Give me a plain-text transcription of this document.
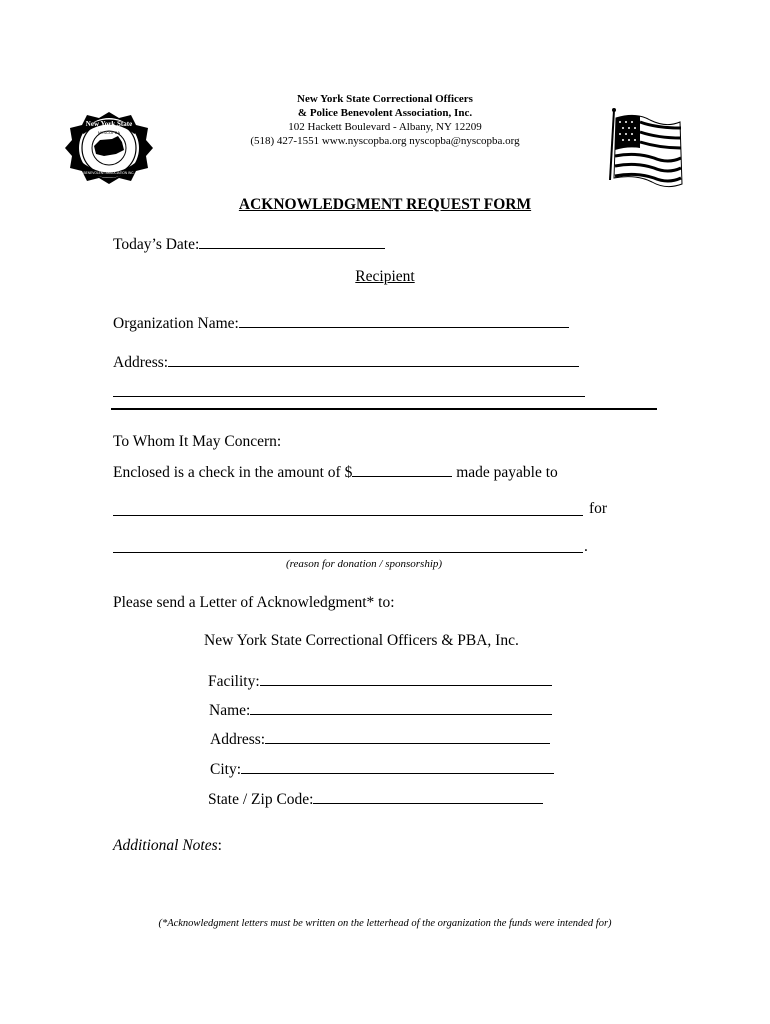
New York State
NYSCOPBA
BENEVOLENT ASSOCIATION INC.
New York State Correctional Officers
& Police Benevolent Association, Inc.
102 Hackett Boulevard - Albany, NY 12209
(518) 427-1551 www.nyscopba.org nyscopba@nyscopba.org
ACKNOWLEDGMENT REQUEST FORM
Today’s Date:
Recipient
Organization Name:
Address:
To Whom It May Concern:
Enclosed is a check in the amount of $	made payable to
for
.
(reason for donation / sponsorship)
Please send a Letter of Acknowledgment* to:
New York State Correctional Officers & PBA, Inc.
Facility:
Name:
Address:
City:
State / Zip Code:
Additional Notes:
(*Acknowledgment letters must be written on the letterhead of the organization the funds were intended for)
